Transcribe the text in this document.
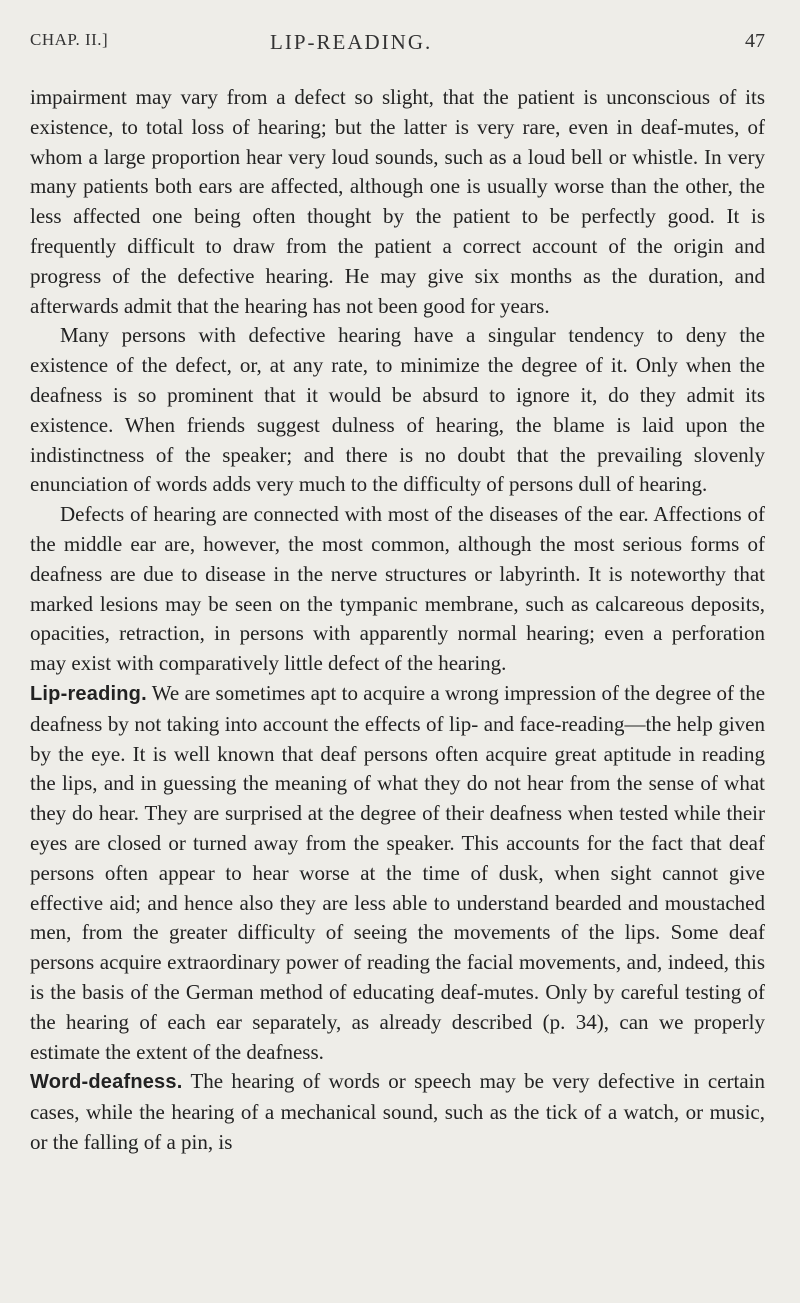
CHAP. II.]	LIP-READING.	47

impairment may vary from a defect so slight, that the patient is unconscious of its existence, to total loss of hearing; but the latter is very rare, even in deaf-mutes, of whom a large proportion hear very loud sounds, such as a loud bell or whistle. In very many patients both ears are affected, although one is usually worse than the other, the less affected one being often thought by the patient to be perfectly good. It is frequently difficult to draw from the patient a correct account of the origin and progress of the defective hearing. He may give six months as the duration, and afterwards admit that the hearing has not been good for years.

Many persons with defective hearing have a singular tendency to deny the existence of the defect, or, at any rate, to minimize the degree of it. Only when the deafness is so prominent that it would be absurd to ignore it, do they admit its existence. When friends suggest dulness of hearing, the blame is laid upon the indistinctness of the speaker; and there is no doubt that the prevailing slovenly enunciation of words adds very much to the difficulty of persons dull of hearing.

Defects of hearing are connected with most of the diseases of the ear. Affections of the middle ear are, however, the most common, although the most serious forms of deafness are due to disease in the nerve structures or labyrinth. It is noteworthy that marked lesions may be seen on the tympanic membrane, such as calcareous deposits, opacities, retraction, in persons with apparently normal hearing; even a perforation may exist with comparatively little defect of the hearing.

Lip-reading. We are sometimes apt to acquire a wrong impression of the degree of the deafness by not taking into account the effects of lip- and face-reading—the help given by the eye. It is well known that deaf persons often acquire great aptitude in reading the lips, and in guessing the meaning of what they do not hear from the sense of what they do hear. They are surprised at the degree of their deafness when tested while their eyes are closed or turned away from the speaker. This accounts for the fact that deaf persons often appear to hear worse at the time of dusk, when sight cannot give effective aid; and hence also they are less able to understand bearded and moustached men, from the greater difficulty of seeing the movements of the lips. Some deaf persons acquire extraordinary power of reading the facial movements, and, indeed, this is the basis of the German method of educating deaf-mutes. Only by careful testing of the hearing of each ear separately, as already described (p. 34), can we properly estimate the extent of the deafness.

Word-deafness. The hearing of words or speech may be very defective in certain cases, while the hearing of a mechanical sound, such as the tick of a watch, or music, or the falling of a pin, is
